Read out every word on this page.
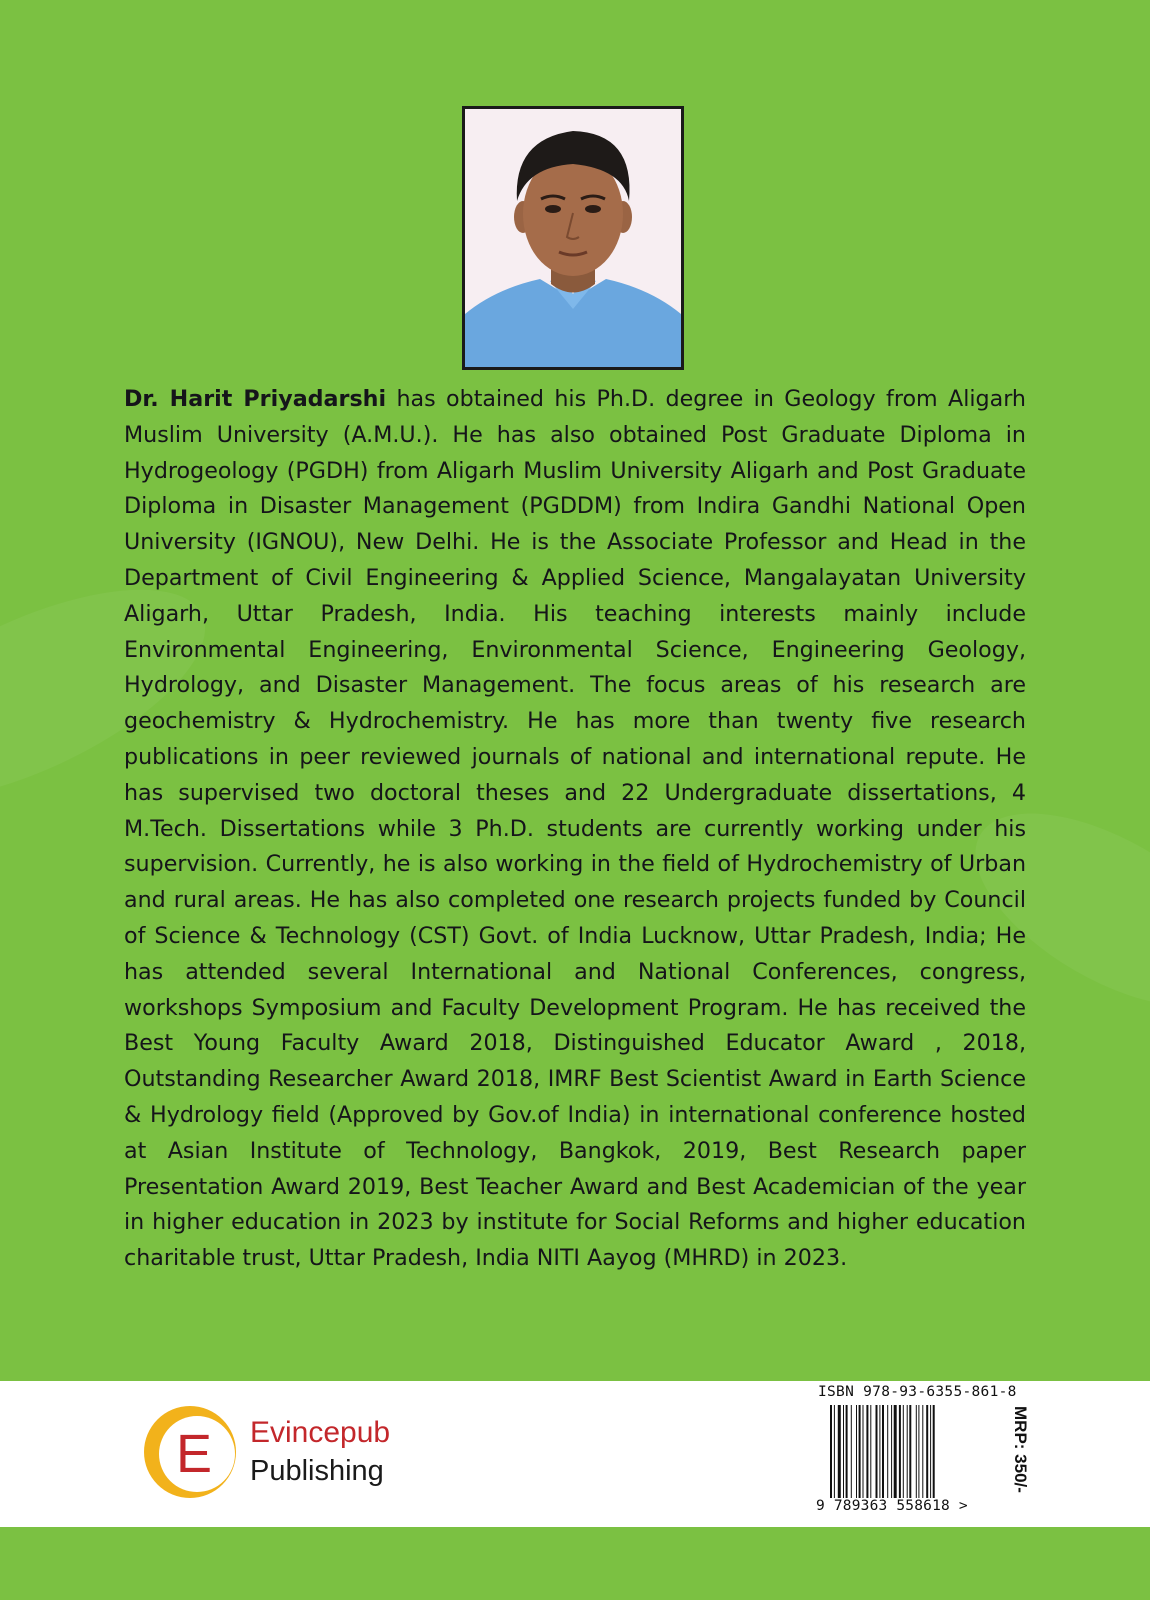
Dr. Harit Priyadarshi has obtained his Ph.D. degree in Geology from Aligarh Muslim University (A.M.U.). He has also obtained Post Graduate Diploma in Hydrogeology (PGDH) from Aligarh Muslim University Aligarh and Post Graduate Diploma in Disaster Management (PGDDM) from Indira Gandhi National Open University (IGNOU), New Delhi. He is the Associate Professor and Head in the Department of Civil Engineering & Applied Science, Mangalayatan University Aligarh, Uttar Pradesh, India. His teaching interests mainly include Environmental Engineering, Environmental Science, Engineering Geology, Hydrology, and Disaster Management. The focus areas of his research are geochemistry & Hydrochemistry. He has more than twenty five research publications in peer reviewed journals of national and international repute. He has supervised two doctoral theses and 22 Undergraduate dissertations, 4 M.Tech. Dissertations while 3 Ph.D. students are currently working under his supervision. Currently, he is also working in the field of Hydrochemistry of Urban and rural areas. He has also completed one research projects funded by Council of Science & Technology (CST) Govt. of India Lucknow, Uttar Pradesh, India; He has attended several International and National Conferences, congress, workshops Symposium and Faculty Development Program. He has received the Best Young Faculty Award 2018, Distinguished Educator Award , 2018, Outstanding Researcher Award 2018, IMRF Best Scientist Award in Earth Science & Hydrology field (Approved by Gov.of India) in international conference hosted at Asian Institute of Technology, Bangkok, 2019, Best Research paper Presentation Award 2019, Best Teacher Award and Best Academician of the year in higher education in 2023 by institute for Social Reforms and higher education charitable trust, Uttar Pradesh, India NITI Aayog (MHRD) in 2023.

E Evincepub
Publishing
ISBN 978-93-6355-861-8
9 789363 558618 >
MRP: 350/-
